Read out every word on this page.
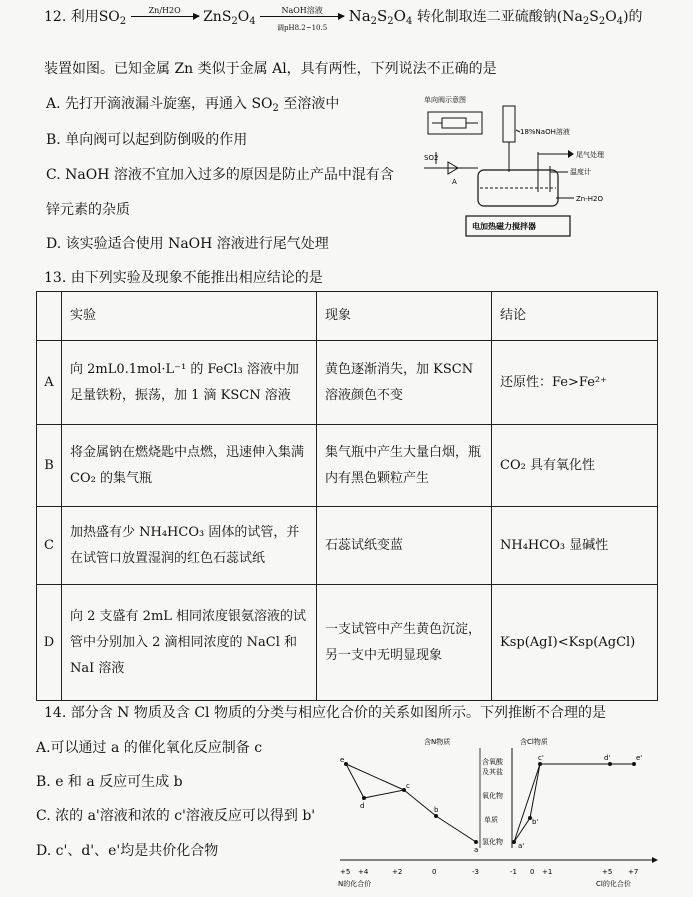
12. 利用$SO_2$
Zn/H2O	$ZnS_2O_4$
NaOH溶液
调pH8.2~10.5
$Na_2S_2O_4$ 转化制取连二亚硫酸钠$(Na_2S_2O_4)$的
装置如图。已知金属 Zn 类似于金属 Al，具有两性，下列说法不正确的是
A. 先打开滴液漏斗旋塞，再通入 $SO_2$ 至溶液中
B. 单向阀可以起到防倒吸的作用
C. NaOH 溶液不宜加入过多的原因是防止产品中混有含
锌元素的杂质
D. 该实验适合使用 NaOH 溶液进行尾气处理
单向阀示意图
18%NaOH溶液
SO2
A
尾气处理
温度计
Zn-H2O
电加热磁力搅拌器
13. 由下列实验及现象不能推出相应结论的是
	实验	现象	结论
A	向 2mL0.1mol·L⁻¹ 的 FeCl₃ 溶液中加足量铁粉，振荡，加 1 滴 KSCN 溶液	黄色逐渐消失，加 KSCN 溶液颜色不变	还原性：Fe>Fe²⁺
B	将金属钠在燃烧匙中点燃，迅速伸入集满 CO₂ 的集气瓶	集气瓶中产生大量白烟，瓶内有黑色颗粒产生	CO₂ 具有氧化性
C	加热盛有少 NH₄HCO₃ 固体的试管，并在试管口放置湿润的红色石蕊试纸	石蕊试纸变蓝	NH₄HCO₃ 显碱性
D	向 2 支盛有 2mL 相同浓度银氨溶液的试管中分别加入 2 滴相同浓度的 NaCl 和 NaI 溶液	一支试管中产生黄色沉淀，另一支中无明显现象	Ksp(AgI)<Ksp(AgCl)
14. 部分含 N 物质及含 Cl 物质的分类与相应化合价的关系如图所示。下列推断不合理的是
A.可以通过 a 的催化氧化反应制备 c
B. e 和 a 反应可生成 b
C. 浓的 a'溶液和浓的 c'溶液反应可以得到 b'
D. c'、d'、e'均是共价化合物
含N物质	含Cl物质
含氧酸
及其盐
氧化物
单质
氢化物
+5 +4	+2	0	-3	-1 0 +1	+5 +7
N的化合价	Cl的化合价
e
d
c
b
a	a'
b'
c'	d'	e'
